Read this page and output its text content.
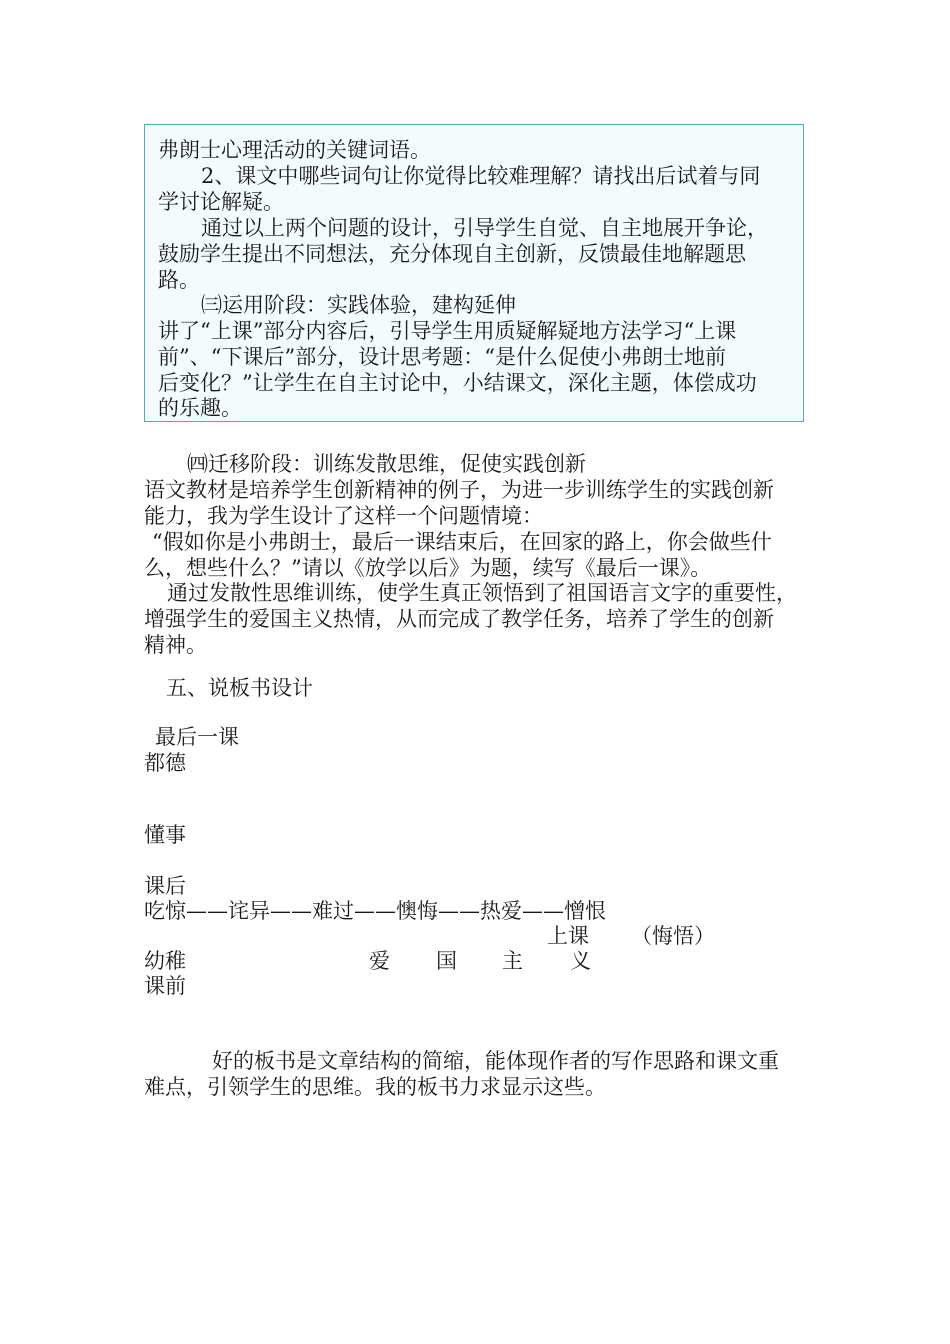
弗朗士心理活动的关键词语。
2、课文中哪些词句让你觉得比较难理解？请找出后试着与同
学讨论解疑。
通过以上两个问题的设计，引导学生自觉、自主地展开争论，
鼓励学生提出不同想法，充分体现自主创新，反馈最佳地解题思
路。
㈢运用阶段：实践体验，建构延伸
讲了“上课”部分内容后，引导学生用质疑解疑地方法学习“上课
前”、“下课后”部分，设计思考题：“是什么促使小弗朗士地前
后变化？”让学生在自主讨论中，小结课文，深化主题，体偿成功
的乐趣。
㈣迁移阶段：训练发散思维，促使实践创新
语文教材是培养学生创新精神的例子，为进一步训练学生的实践创新
能力，我为学生设计了这样一个问题情境：
“假如你是小弗朗士，最后一课结束后，在回家的路上，你会做些什
么，想些什么？”请以《放学以后》为题，续写《最后一课》。
通过发散性思维训练，使学生真正领悟到了祖国语言文字的重要性，
增强学生的爱国主义热情，从而完成了教学任务，培养了学生的创新
精神。
五、说板书设计
最后一课
都德
懂事
课后
吃惊——诧异——难过——懊悔——热爱——憎恨
上课 （悔悟）
幼稚	爱 国 主 义
课前
好的板书是文章结构的简缩，能体现作者的写作思路和课文重
难点，引领学生的思维。我的板书力求显示这些。
